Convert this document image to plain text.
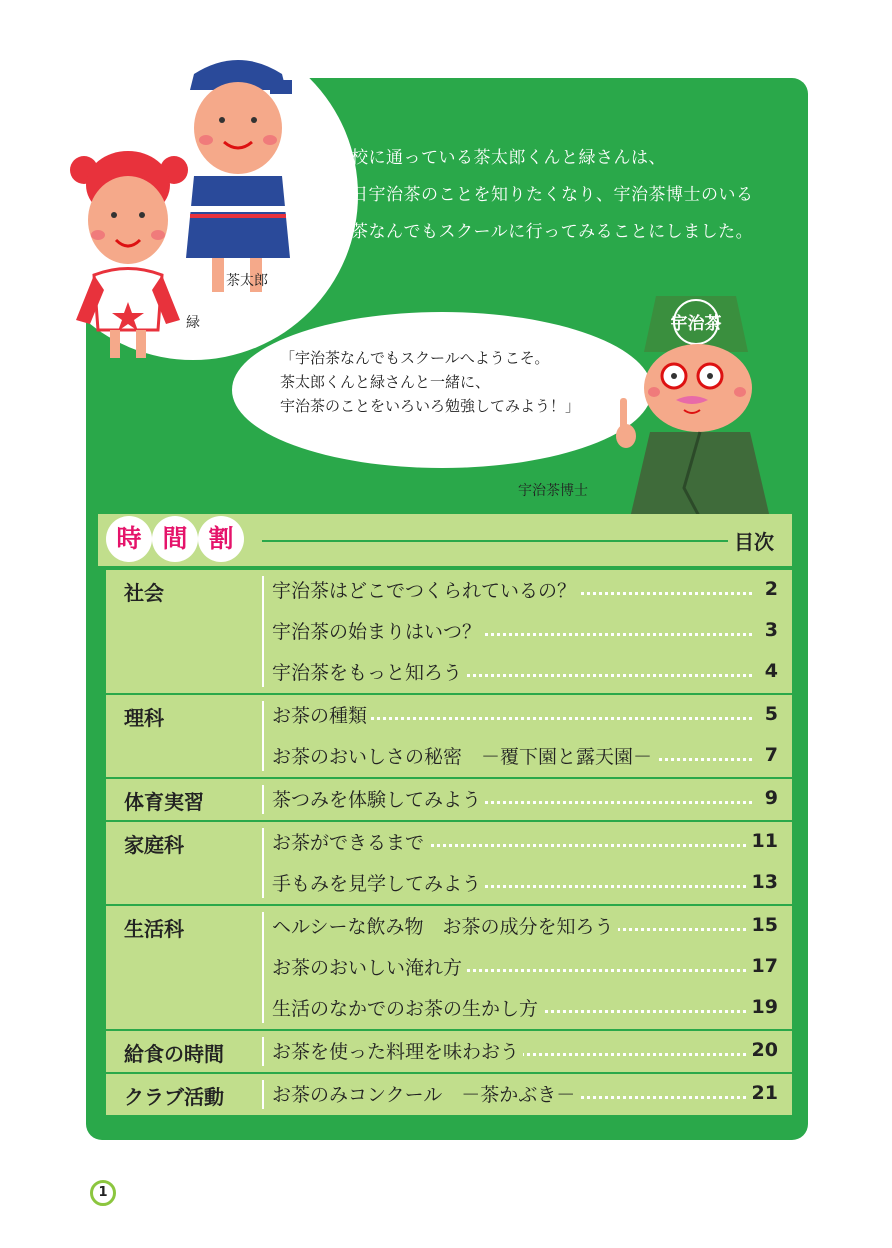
茶太郎
緑
小学校に通っている茶太郎くんと緑さんは、
ある日宇治茶のことを知りたくなり、宇治茶博士のいる
宇治茶なんでもスクールに行ってみることにしました。
「宇治茶なんでもスクールへようこそ。
茶太郎くんと緑さんと一緒に、
宇治茶のことをいろいろ勉強してみよう！」
宇治茶
宇治茶博士
時 間 割	目次
社会	宇治茶はどこでつくられているの？	2
宇治茶の始まりはいつ？	3
宇治茶をもっと知ろう	4
理科	お茶の種類	5
お茶のおいしさの秘密　－覆下園と露天園－	7
体育実習	茶つみを体験してみよう	9
家庭科	お茶ができるまで	11
手もみを見学してみよう	13
生活科	ヘルシーな飲み物　お茶の成分を知ろう	15
お茶のおいしい淹れ方	17
生活のなかでのお茶の生かし方	19
給食の時間	お茶を使った料理を味わおう	20
クラブ活動	お茶のみコンクール　－茶かぶき－	21
1
